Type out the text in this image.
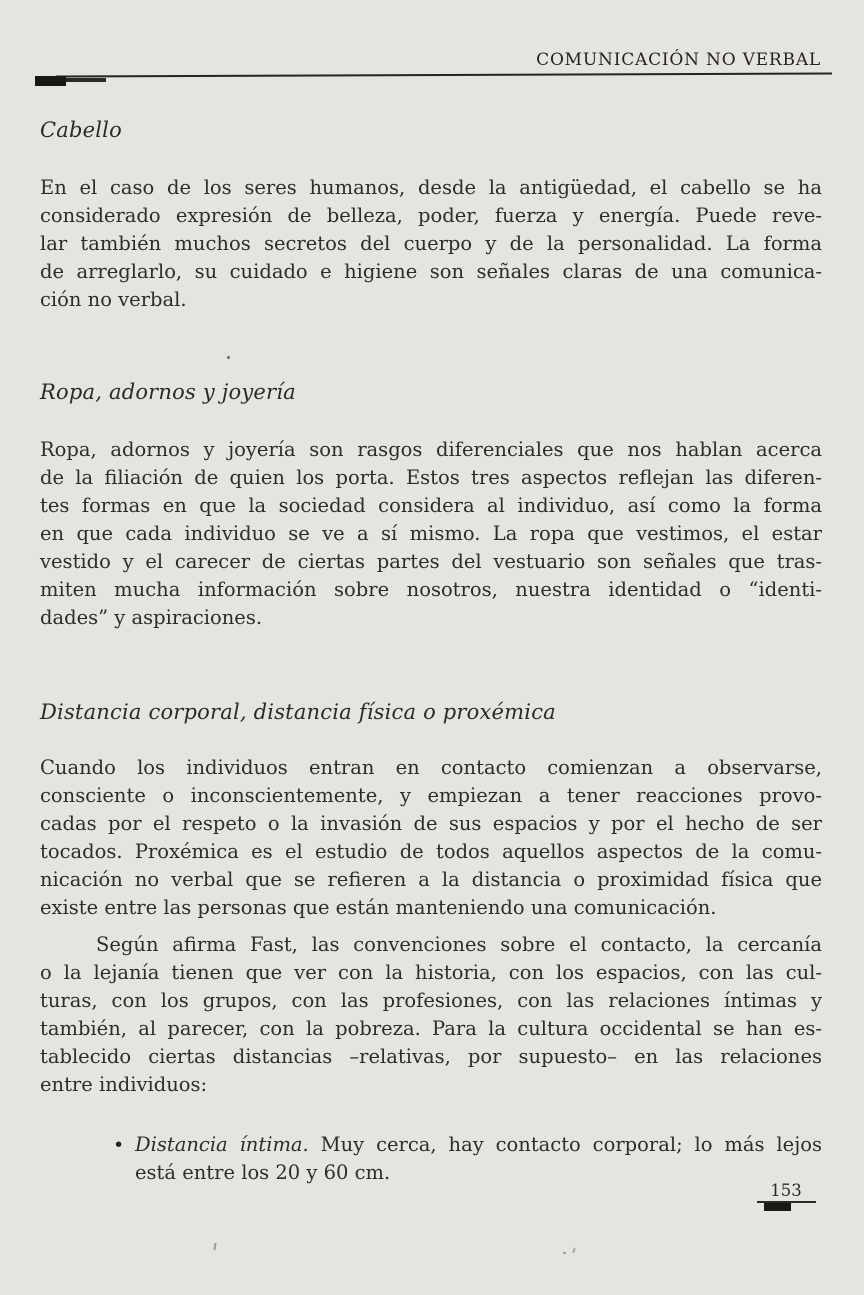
COMUNICACIÓN NO VERBAL
Cabello
En el caso de los seres humanos, desde la antigüedad, el cabello se ha
considerado expresión de belleza, poder, fuerza y energía. Puede reve-
lar también muchos secretos del cuerpo y de la personalidad. La forma
de arreglarlo, su cuidado e higiene son señales claras de una comunica-
ción no verbal.
Ropa, adornos y joyería
Ropa, adornos y joyería son rasgos diferenciales que nos hablan acerca
de la filiación de quien los porta. Estos tres aspectos reflejan las diferen-
tes formas en que la sociedad considera al individuo, así como la forma
en que cada individuo se ve a sí mismo. La ropa que vestimos, el estar
vestido y el carecer de ciertas partes del vestuario son señales que tras-
miten mucha información sobre nosotros, nuestra identidad o “identi-
dades” y aspiraciones.
Distancia corporal, distancia física o proxémica
Cuando los individuos entran en contacto comienzan a observarse,
consciente o inconscientemente, y empiezan a tener reacciones provo-
cadas por el respeto o la invasión de sus espacios y por el hecho de ser
tocados. Proxémica es el estudio de todos aquellos aspectos de la comu-
nicación no verbal que se refieren a la distancia o proximidad física que
existe entre las personas que están manteniendo una comunicación.
Según afirma Fast, las convenciones sobre el contacto, la cercanía
o la lejanía tienen que ver con la historia, con los espacios, con las cul-
turas, con los grupos, con las profesiones, con las relaciones íntimas y
también, al parecer, con la pobreza. Para la cultura occidental se han es-
tablecido ciertas distancias –relativas, por supuesto– en las relaciones
entre individuos:
• Distancia íntima. Muy cerca, hay contacto corporal; lo más lejos
está entre los 20 y 60 cm.
153
